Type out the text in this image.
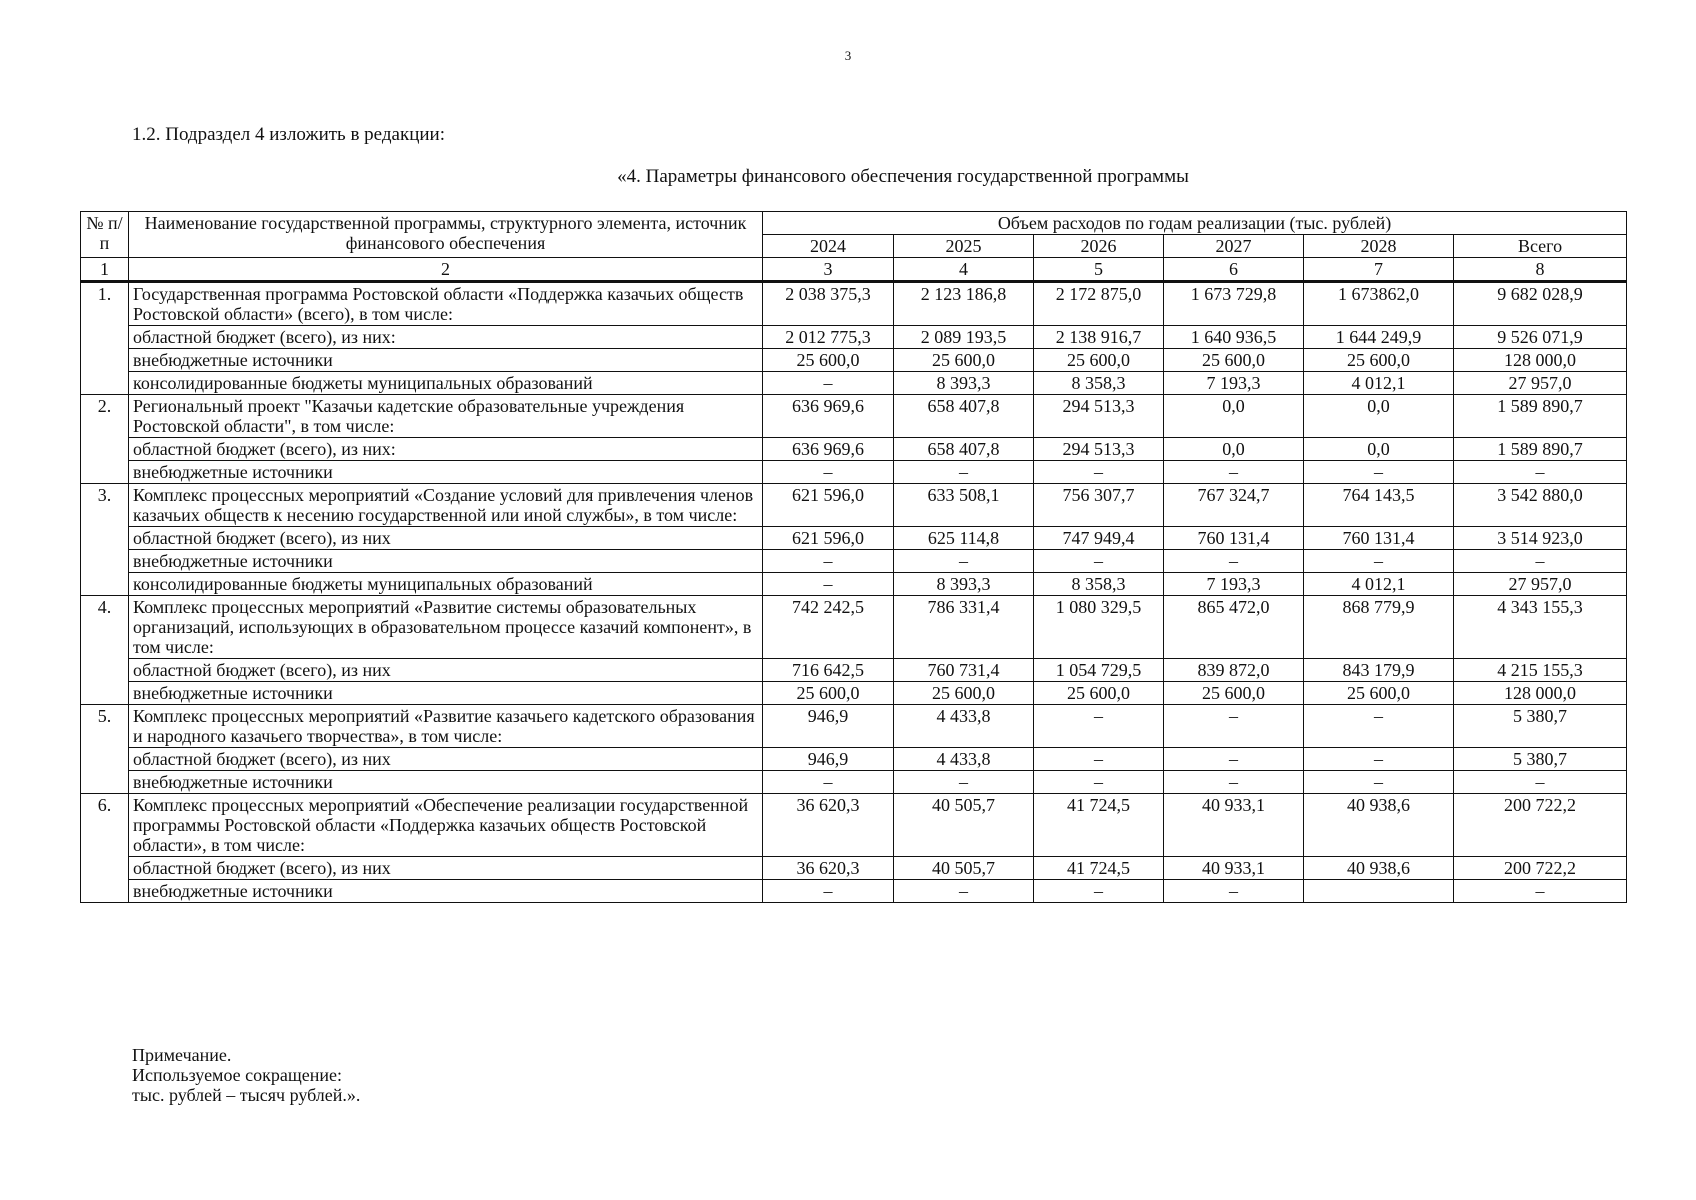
3
1.2. Подраздел 4 изложить в редакции:
«4. Параметры финансового обеспечения государственной программы
№ п/п	Наименование государственной программы, структурного элемента, источник финансового обеспечения	Объем расходов по годам реализации (тыс. рублей)					
		2024	2025	2026	2027	2028	Всего
1	2	3	4	5	6	7	8
1.	Государственная программа Ростовской области «Поддержка казачьих обществ Ростовской области» (всего), в том числе:	2 038 375,3	2 123 186,8	2 172 875,0	1 673 729,8	1 673862,0	9 682 028,9
	областной бюджет (всего), из них:	2 012 775,3	2 089 193,5	2 138 916,7	1 640 936,5	1 644 249,9	9 526 071,9
	внебюджетные источники	25 600,0	25 600,0	25 600,0	25 600,0	25 600,0	128 000,0
	консолидированные бюджеты муниципальных образований	–	8 393,3	8 358,3	7 193,3	4 012,1	27 957,0
2.	Региональный проект "Казачьи кадетские образовательные учреждения Ростовской области", в том числе:	636 969,6	658 407,8	294 513,3	0,0	0,0	1 589 890,7
	областной бюджет (всего), из них:	636 969,6	658 407,8	294 513,3	0,0	0,0	1 589 890,7
	внебюджетные источники	–	–	–	–	–	–
3.	Комплекс процессных мероприятий «Создание условий для привлечения членов казачьих обществ к несению государственной или иной службы», в том числе:	621 596,0	633 508,1	756 307,7	767 324,7	764 143,5	3 542 880,0
	областной бюджет (всего), из них	621 596,0	625 114,8	747 949,4	760 131,4	760 131,4	3 514 923,0
	внебюджетные источники	–	–	–	–	–	–
	консолидированные бюджеты муниципальных образований	–	8 393,3	8 358,3	7 193,3	4 012,1	27 957,0
4.	Комплекс процессных мероприятий «Развитие системы образовательных организаций, использующих в образовательном процессе казачий компонент», в том числе:	742 242,5	786 331,4	1 080 329,5	865 472,0	868 779,9	4 343 155,3
	областной бюджет (всего), из них	716 642,5	760 731,4	1 054 729,5	839 872,0	843 179,9	4 215 155,3
	внебюджетные источники	25 600,0	25 600,0	25 600,0	25 600,0	25 600,0	128 000,0
5.	Комплекс процессных мероприятий «Развитие казачьего кадетского образования и народного казачьего творчества», в том числе:	946,9	4 433,8	–	–	–	5 380,7
	областной бюджет (всего), из них	946,9	4 433,8	–	–	–	5 380,7
	внебюджетные источники	–	–	–	–	–	–
6.	Комплекс процессных мероприятий «Обеспечение реализации государственной программы Ростовской области «Поддержка казачьих обществ Ростовской области», в том числе:	36 620,3	40 505,7	41 724,5	40 933,1	40 938,6	200 722,2
	областной бюджет (всего), из них	36 620,3	40 505,7	41 724,5	40 933,1	40 938,6	200 722,2
	внебюджетные источники	–	–	–	–		–
Примечание.
Используемое сокращение:
тыс. рублей – тысяч рублей.».
